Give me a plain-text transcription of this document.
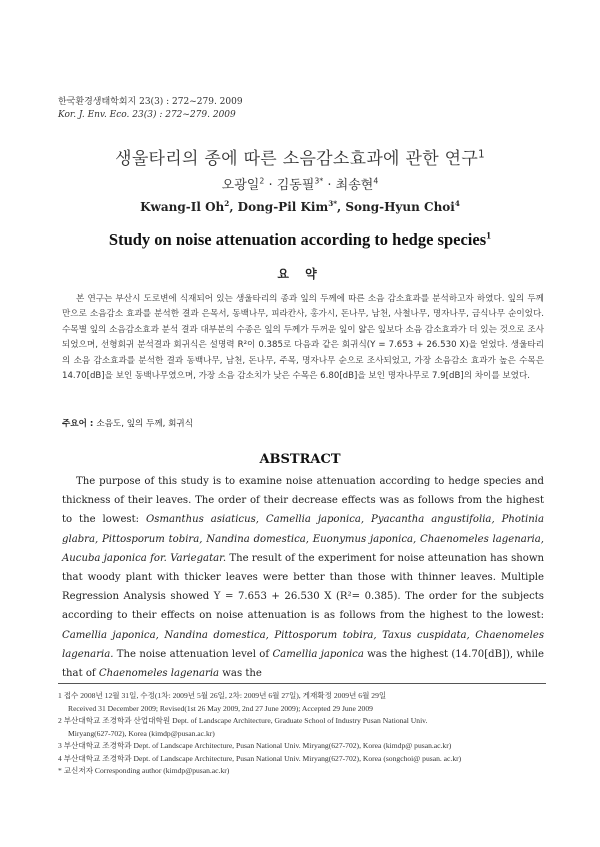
한국환경생태학회지 23(3) : 272~279. 2009
Kor. J. Env. Eco. 23(3) : 272~279. 2009
생울타리의 종에 따른 소음감소효과에 관한 연구$^1$
오광일$^2$ · 김동필$^{3*}$ · 최송현$^4$
Kwang-Il Oh$^2$, Dong-Pil Kim$^{3*}$, Song-Hyun Choi$^4$
Study on noise attenuation according to hedge species$^1$
요 약
본 연구는 부산시 도로변에 식재되어 있는 생울타리의 종과 잎의 두께에 따른 소음 감소효과를 분석하고자 하였다. 잎의 두께만으로 소음감소 효과를 분석한 결과 은목서, 동백나무, 피라칸사, 홍가시, 돈나무, 남천, 사철나무, 명자나무, 금식나무 순이었다. 수목별 잎의 소음감소효과 분석 결과 대부분의 수종은 잎의 두께가 두꺼운 잎이 얇은 잎보다 소음 감소효과가 더 있는 것으로 조사되었으며, 선형회귀 분석결과 회귀식은 설명력 R²이 0.385로 다음과 같은 회귀식(Y = 7.653 + 26.530 X)을 얻었다. 생울타리의 소음 감소효과를 분석한 결과 동백나무, 남천, 돈나무, 주목, 명자나무 순으로 조사되었고, 가장 소음감소 효과가 높은 수목은 14.70[dB]을 보인 동백나무였으며, 가장 소음 감소치가 낮은 수목은 6.80[dB]을 보인 명자나무로 7.9[dB]의 차이를 보였다.
주요어 : 소음도, 잎의 두께, 회귀식
ABSTRACT
The purpose of this study is to examine noise attenuation according to hedge species and thickness of their leaves. The order of their decrease effects was as follows from the highest to the lowest: Osmanthus asiaticus, Camellia japonica, Pyacantha angustifolia, Photinia glabra, Pittosporum tobira, Nandina domestica, Euonymus japonica, Chaenomeles lagenaria, Aucuba japonica for. Variegatar. The result of the experiment for noise atteunation has shown that woody plant with thicker leaves were better than those with thinner leaves. Multiple Regression Analysis showed Y = 7.653 + 26.530 X (R²= 0.385). The order for the subjects according to their effects on noise attenuation is as follows from the highest to the lowest: Camellia japonica, Nandina domestica, Pittosporum tobira, Taxus cuspidata, Chaenomeles lagenaria. The noise attenuation level of Camellia japonica was the highest (14.70[dB]), while that of Chaenomeles lagenaria was the
1 접수 2008년 12월 31일, 수정(1차: 2009년 5월 26일, 2차: 2009년 6월 27일), 게재확정 2009년 6월 29일
Received 31 December 2009; Revised(1st 26 May 2009, 2nd 27 June 2009); Accepted 29 June 2009
2 부산대학교 조경학과 산업대학원 Dept. of Landscape Architecture, Graduate School of Industry Pusan National Univ.
Miryang(627-702), Korea (kimdp@pusan.ac.kr)
3 부산대학교 조경학과 Dept. of Landscape Architecture, Pusan National Univ. Miryang(627-702), Korea (kimdp@ pusan.ac.kr)
4 부산대학교 조경학과 Dept. of Landscape Architecture, Pusan National Univ. Miryang(627-702), Korea (songchoi@ pusan. ac.kr)
* 교신저자 Corresponding author (kimdp@pusan.ac.kr)
